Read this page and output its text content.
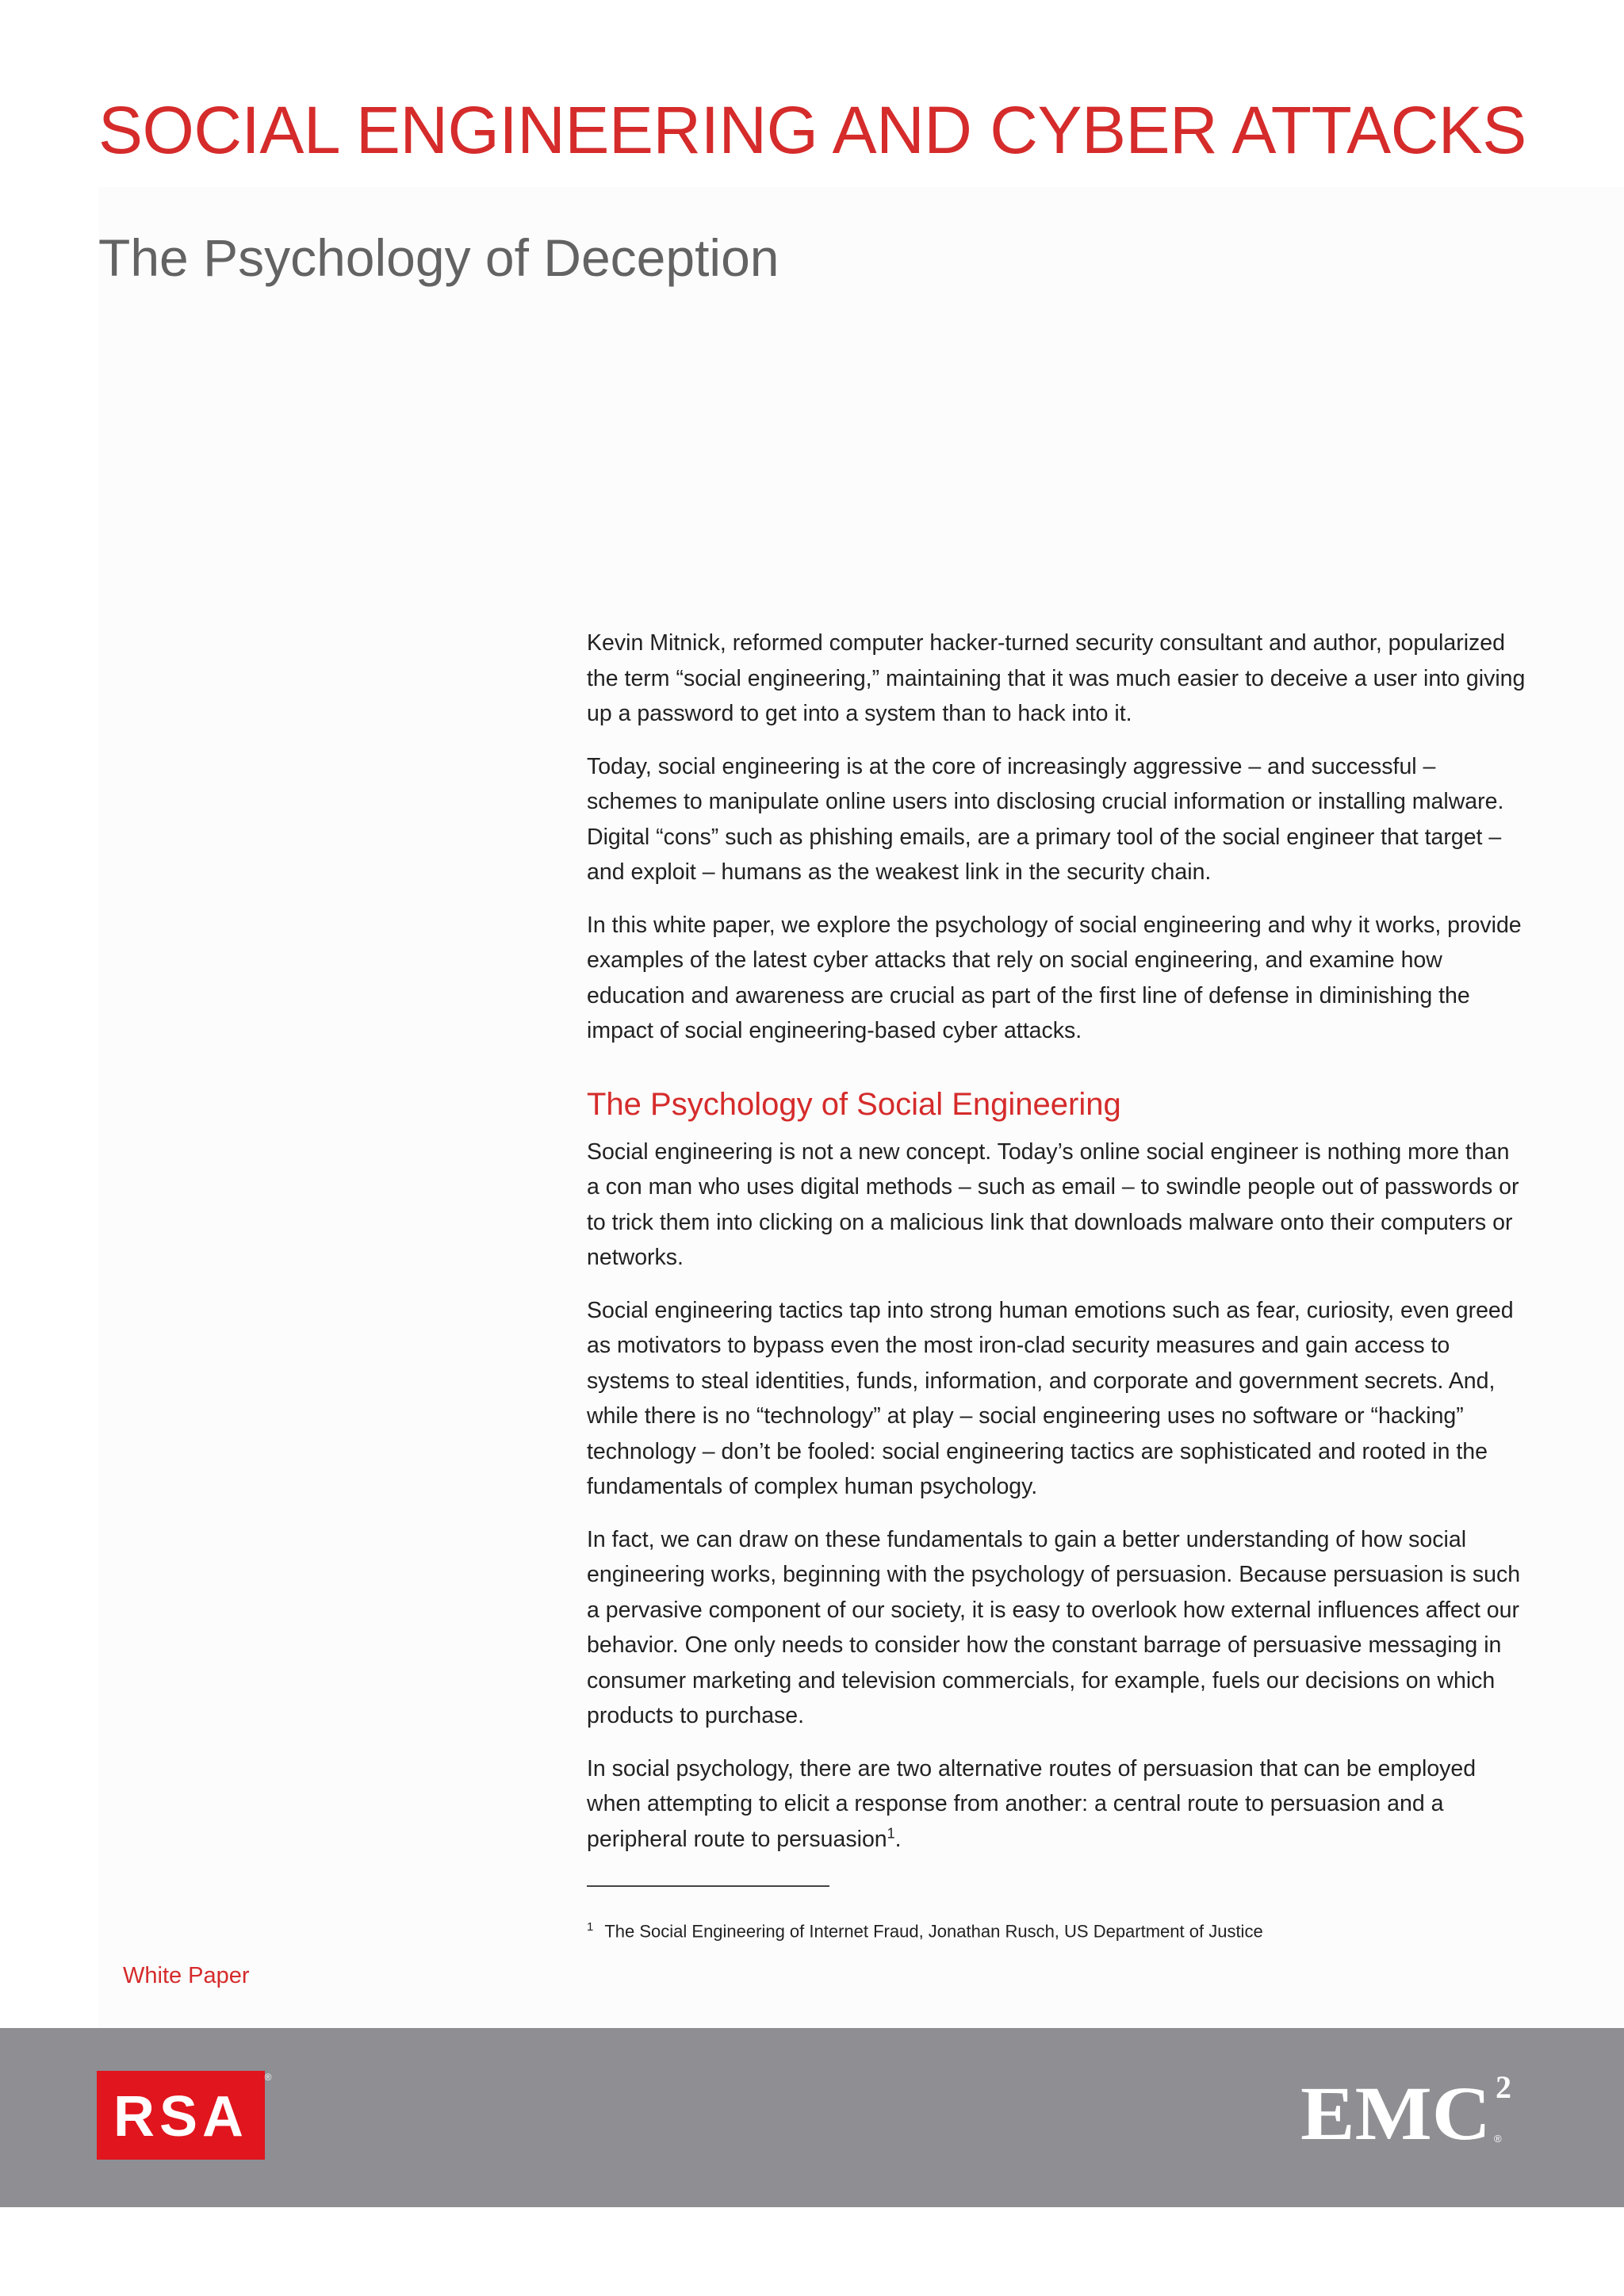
SOCIAL ENGINEERING AND CYBER ATTACKS
The Psychology of Deception

Kevin Mitnick, reformed computer hacker-turned security consultant and author, popularized the term “social engineering,” maintaining that it was much easier to deceive a user into giving up a password to get into a system than to hack into it.

Today, social engineering is at the core of increasingly aggressive – and successful – schemes to manipulate online users into disclosing crucial information or installing malware. Digital “cons” such as phishing emails, are a primary tool of the social engineer that target – and exploit – humans as the weakest link in the security chain.

In this white paper, we explore the psychology of social engineering and why it works, provide examples of the latest cyber attacks that rely on social engineering, and examine how education and awareness are crucial as part of the first line of defense in diminishing the impact of social engineering-based cyber attacks.

The Psychology of Social Engineering

Social engineering is not a new concept. Today’s online social engineer is nothing more than a con man who uses digital methods – such as email – to swindle people out of passwords or to trick them into clicking on a malicious link that downloads malware onto their computers or networks.

Social engineering tactics tap into strong human emotions such as fear, curiosity, even greed as motivators to bypass even the most iron-clad security measures and gain access to systems to steal identities, funds, information, and corporate and government secrets. And, while there is no “technology” at play – social engineering uses no software or “hacking” technology – don’t be fooled: social engineering tactics are sophisticated and rooted in the fundamentals of complex human psychology.

In fact, we can draw on these fundamentals to gain a better understanding of how social engineering works, beginning with the psychology of persuasion. Because persuasion is such a pervasive component of our society, it is easy to overlook how external influences affect our behavior. One only needs to consider how the constant barrage of persuasive messaging in consumer marketing and television commercials, for example, fuels our decisions on which products to purchase.

In social psychology, there are two alternative routes of persuasion that can be employed when attempting to elicit a response from another: a central route to persuasion and a peripheral route to persuasion$^1$.

$^1$ The Social Engineering of Internet Fraud, Jonathan Rusch, US Department of Justice

White Paper

RSA
®	EMC 2
®
